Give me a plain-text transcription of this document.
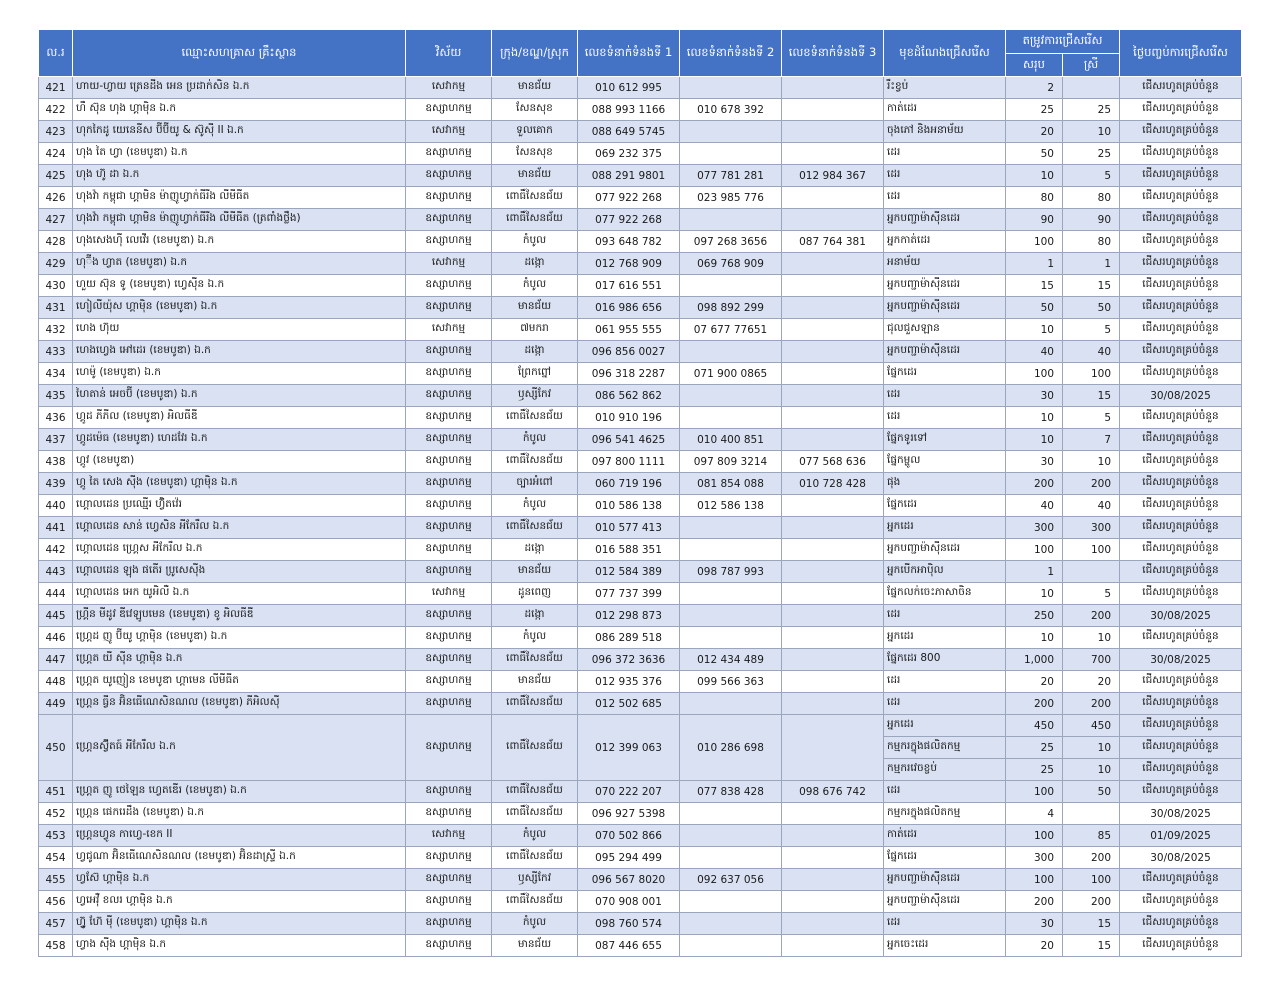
ល.រ	ឈ្មោះសហគ្រាស គ្រឹះស្ថាន	វិស័យ	ក្រុង/ខណ្ឌ/ស្រុក	លេខទំនាក់ទំនងទី 1	លេខទំនាក់ទំនងទី 2	លេខទំនាក់ទំនងទី 3	មុខដំណែងជ្រើសរើស	តម្រូវការជ្រើសរើស		ថ្ងៃបញ្ចប់ការជ្រើសរើស
								សរុប	ស្រី	
421	ហាយ-ហ្វាយ ត្រេនដីង អេន ប្រដាក់សិន ឯ.ក	សេវាកម្ម	មានជ័យ	010 612 995			រឹះខ្វប់	2		ជើសរហូតគ្រប់ចំនួន
422	ហឺ ស៊ុន ហុង ហ្គាម៉ិន ឯ.ក	ឧស្សាហកម្ម	សែនសុខ	088 993 1166	010 678 392		កាត់ដេរ	25	25	ជើសរហូតគ្រប់ចំនួន
423	ហុកកៃដូ យេនេនីស ប៊ីប៊ីយូ & ស៊ូស៊ី II ឯ.ក	សេវាកម្ម	ទួលគោក	088 649 5745			ចុងភៅ និងអនាម័យ	20	10	ជើសរហូតគ្រប់ចំនួន
424	ហុង តៃ ហ្វា (ខេមបូឌា) ឯ.ក	ឧស្សាហកម្ម	សែនសុខ	069 232 375			ដេរ	50	25	ជើសរហូតគ្រប់ចំនួន
425	ហុង ហ៊ូ ដា ឯ.ក	ឧស្សាហកម្ម	មានជ័យ	088 291 9801	077 781 281	012 984 367	ដេរ	10	5	ជើសរហូតគ្រប់ចំនួន
426	ហុងវ៉ា កម្ពុជា ហ្គាមិន ម៉ាញូហ្វាក់ធីរីង លីមីធីត	ឧស្សាហកម្ម	ពោធិ៍សែនជ័យ	077 922 268	023 985 776		ដេរ	80	80	ជើសរហូតគ្រប់ចំនួន
427	ហុងវ៉ា កម្ពុជា ហ្គាមិន ម៉ាញូហ្វាក់ធីរីង លីមីធីត (ត្រពាំងថ្លឹង)	ឧស្សាហកម្ម	ពោធិ៍សែនជ័យ	077 922 268			អ្នកបញ្ជាម៉ាស៊ីនដេរ	90	90	ជើសរហូតគ្រប់ចំនួន
428	ហុងសេងហ៊ី លេវើរ (ខេមបូឌា) ឯ.ក	ឧស្សាហកម្ម	កំបូល	093 648 782	097 268 3656	087 764 381	អ្នកកាត់ដេរ	100	80	ជើសរហូតគ្រប់ចំនួន
429	ហុ៊ីង ហ្វាត (ខេមបូឌា) ឯ.ក	សេវាកម្ម	ដង្កោ	012 768 909	069 768 909		អនាម័យ	1	1	ជើសរហូតគ្រប់ចំនួន
430	ហួយ ស៊ុន ទូ (ខេមបូឌា) ហ្វេស៊ីន ឯ.ក	ឧស្សាហកម្ម	កំបូល	017 616 551			អ្នកបញ្ជាម៉ាស៊ីនដេរ	15	15	ជើសរហូតគ្រប់ចំនួន
431	ហៀលីយ៉ុស ហ្គាម៉ិន (ខេមបូឌា) ឯ.ក	ឧស្សាហកម្ម	មានជ័យ	016 986 656	098 892 299		អ្នកបញ្ជាម៉ាស៊ីនដេរ	50	50	ជើសរហូតគ្រប់ចំនួន
432	ហេង ហ៊ុយ	សេវាកម្ម	៧មករា	061 955 555	07 677 77651		ជុលជួសឡាន	10	5	ជើសរហូតគ្រប់ចំនួន
433	ហេងហ្វេង អៅដេរ (ខេមបូឌា) ឯ.ក	ឧស្សាហកម្ម	ដង្កោ	096 856 0027			អ្នកបញ្ជាម៉ាស៊ីនដេរ	40	40	ជើសរហូតគ្រប់ចំនួន
434	ហេម៉ូ (ខេមបូឌា) ឯ.ក	ឧស្សាហកម្ម	ព្រែកព្នៅ	096 318 2287	071 900 0865		ផ្នែកដេរ	100	100	ជើសរហូតគ្រប់ចំនួន
435	ហៃតាន់ អេចប៊ី (ខេមបូឌា) ឯ.ក	ឧស្សាហកម្ម	ឫស្សីកែវ	086 562 862			ដេរ	30	15	30/08/2025
436	ហ្គូដ ភីភីល (ខេមបូឌា) អិលធីឌី	ឧស្សាហកម្ម	ពោធិ៍សែនជ័យ	010 910 196			ដេរ	10	5	ជើសរហូតគ្រប់ចំនួន
437	ហ្គូដម៉េធ (ខេមបូឌា) ហេដវែរ ឯ.ក	ឧស្សាហកម្ម	កំបូល	096 541 4625	010 400 851		ផ្នែកទូរទៅ	10	7	ជើសរហូតគ្រប់ចំនួន
438	ហ្គូវ (ខេមបូឌា)	ឧស្សាហកម្ម	ពោធិ៍សែនជ័យ	097 800 1111	097 809 3214	077 568 636	ផ្នែកម្ហូល	30	10	ជើសរហូតគ្រប់ចំនួន
439	ហ្គូ តៃ សេង ស៊ីង (ខេមបូឌា) ហ្គាម៉ិន ឯ.ក	ឧស្សាហកម្ម	ច្បារអំពៅ	060 719 196	081 854 088	010 728 428	ផុង	200	200	ជើសរហូតគ្រប់ចំនួន
440	ហ្គោលដេន ប្រឈ្មើរ ហ៊្វិតវ៉េរ	ឧស្សាហកម្ម	កំបូល	010 586 138	012 586 138		ផ្នែកដេរ	40	40	ជើសរហូតគ្រប់ចំនួន
441	ហ្គោលដេន សាន់ ហ្វេសិន អីកែរឹល ឯ.ក	ឧស្សាហកម្ម	ពោធិ៍សែនជ័យ	010 577 413			អ្នកដេរ	300	300	ជើសរហូតគ្រប់ចំនួន
442	ហ្គោលដេន ហ្គ្រេស អីកែរឹល ឯ.ក	ឧស្សាហកម្ម	ដង្កោ	016 588 351			អ្នកបញ្ជាម៉ាស៊ីនដេរ	100	100	ជើសរហូតគ្រប់ចំនួន
443	ហ្គោលដេន ឡុង ផតេីរ ប្រូសេស៊ីង	ឧស្សាហកម្ម	មានជ័យ	012 584 389	098 787 993		អ្នកបើកអាប៉ិល	1		ជើសរហូតគ្រប់ចំនួន
444	ហ្គោលដេន អេក យូអិលឺ ឯ.ក	សេវាកម្ម	ដូនពេញ	077 737 399			ផ្នែកលក់ចេះភាសាចិន	10	5	ជើសរហូតគ្រប់ចំនួន
445	ហ្គ្រីន មីដូវ ឌីវេឡូបមេន (ខេមបូឌា) ខូ អិលធីឌី	ឧស្សាហកម្ម	ដង្កោ	012 298 873			ដេរ	250	200	30/08/2025
446	ហ្គ្រេដ ញូ ប៊ីយូ ហ្គាម៉ិន (ខេមបូឌា) ឯ.ក	ឧស្សាហកម្ម	កំបូល	086 289 518			អ្នកដេរ	10	10	ជើសរហូតគ្រប់ចំនួន
447	ហ្គ្រេត យី ស៊ីន ហ្គាម៉ិន ឯ.ក	ឧស្សាហកម្ម	ពោធិ៍សែនជ័យ	096 372 3636	012 434 489		ផ្នែកដេរ 800	1,000	700	30/08/2025
448	ហ្គ្រេត យូញៀន ខេមបូឌា ហ្គាមេន លីមីធីត	ឧស្សាហកម្ម	មានជ័យ	012 935 376	099 566 363		ដេរ	20	20	ជើសរហូតគ្រប់ចំនួន
449	ហ្គ្រេន ធ្វីន អ៊ិនធើណេសិនណល (ខេមបូឌា) ភីអិលស៊ី	ឧស្សាហកម្ម	ពោធិ៍សែនជ័យ	012 502 685			ដេរ	200	200	ជើសរហូតគ្រប់ចំនួន
450	ហ្គ្រេនស៊្វីតធ៍ អីកែរឹល ឯ.ក	ឧស្សាហកម្ម	ពោធិ៍សែនជ័យ	012 399 063	010 286 698		អ្នកដេរ	450	450	ជើសរហូតគ្រប់ចំនួន
							កម្មករក្នុងផលិតកម្ម	25	10	ជើសរហូតគ្រប់ចំនួន
							កម្មករវេចខ្ចប់	25	10	ជើសរហូតគ្រប់ចំនួន
451	ហ្គ្រេត ញូ ថេឡៃន ហ្វេតឌើរ (ខេមបូឌា) ឯ.ក	ឧស្សាហកម្ម	ពោធិ៍សែនជ័យ	070 222 207	077 838 428	098 676 742	ដេរ	100	50	ជើសរហូតគ្រប់ចំនួន
452	ហ្គ្រេន ផេករេដឹង (ខេមបូឌា) ឯ.ក	ឧស្សាហកម្ម	ពោធិ៍សែនជ័យ	096 927 5398			កម្មករក្នុងផលិតកម្ម	4		30/08/2025
453	ហ្គ្រេនហ្វូន កាហ្វេ-ខេក II	សេវាកម្ម	កំបូល	070 502 866			កាត់ដេរ	100	85	01/09/2025
454	ហ្វជូណា អ៊ិនធើណេសិនណល (ខេមបូឌា) អ៊ិនដាស្រ្ទី ឯ.ក	ឧស្សាហកម្ម	ពោធិ៍សែនជ័យ	095 294 499			ផ្នែកដេរ	300	200	30/08/2025
455	ហ្វស៊ែ ហ្គាម៉ិន ឯ.ក	ឧស្សាហកម្ម	ឫស្សីកែវ	096 567 8020	092 637 056		អ្នកបញ្ជាម៉ាស៊ីនដេរ	100	100	ជើសរហូតគ្រប់ចំនួន
456	ហ្វអេវ៉ឺ ខលរ ហ្គាម៉ិន ឯ.ក	ឧស្សាហកម្ម	ពោធិ៍សែនជ័យ	070 908 001			អ្នកបញ្ជាម៉ាស៊ីនដេរ	200	200	ជើសរហូតគ្រប់ចំនួន
457	ហ្វ៊ូ ហ៊ែ ម៉ី (ខេមបូឌា) ហ្គាម៉ិន ឯ.ក	ឧស្សាហកម្ម	កំបូល	098 760 574			ដេរ	30	15	ជើសរហូតគ្រប់ចំនួន
458	ហ្វាង ស៊ីង ហ្គាម៉ិន ឯ.ក	ឧស្សាហកម្ម	មានជ័យ	087 446 655			អ្នកចេះដេរ	20	15	ជើសរហូតគ្រប់ចំនួន
